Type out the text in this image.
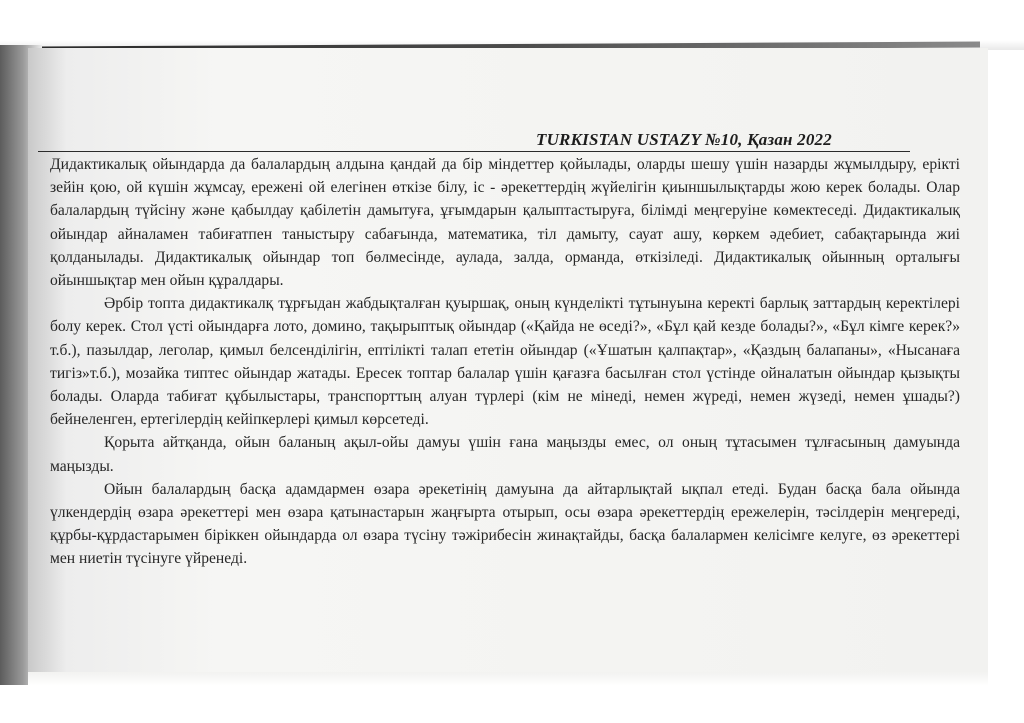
TURKISTAN USTAZY №10, Қазан 2022

Дидактикалық ойындарда да балалардың алдына қандай да бір міндеттер қойылады, оларды шешу үшін назарды жұмылдыру, ерікті зейін қою, ой күшін жұмсау, ережені ой елегінен өткізе білу, іс - әрекеттердің жүйелігін қиыншылықтарды жою керек болады. Олар балалардың түйсіну және қабылдау қабілетін дамытуға, ұғымдарын қалыптастыруға, білімді меңгеруіне көмектеседі. Дидактикалық ойындар айналамен табиғатпен таныстыру сабағында, математика, тіл дамыту, сауат ашу, көркем әдебиет, сабақтарында жиі қолданылады. Дидактикалық ойындар топ бөлмесінде, аулада, залда, орманда, өткізіледі. Дидактикалық ойынның орталығы ойыншықтар мен ойын құралдары.

Әрбір топта дидактикалқ тұрғыдан жабдықталған қуыршақ, оның күнделікті тұтынуына керекті барлық заттардың керектілері болу керек. Стол үсті ойындарға лото, домино, тақырыптық ойындар («Қайда не өседі?», «Бұл қай кезде болады?», «Бұл кімге керек?» т.б.), пазылдар, леголар, қимыл белсенділігін, ептілікті талап ететін ойындар («Ұшатын қалпақтар», «Қаздың балапаны», «Нысанаға тигіз»т.б.), мозайка типтес ойындар жатады. Ересек топтар балалар үшін қағазға басылған стол үстінде ойналатын ойындар қызықты болады. Оларда табиғат құбылыстары, транспорттың алуан түрлері (кім не мінеді, немен жүреді, немен жүзеді, немен ұшады?) бейнеленген, ертегілердің кейіпкерлері қимыл көрсетеді.

Қорыта айтқанда, ойын баланың ақыл-ойы дамуы үшін ғана маңызды емес, ол оның тұтасымен тұлғасының дамуында маңызды.

Ойын балалардың басқа адамдармен өзара әрекетінің дамуына да айтарлықтай ықпал етеді. Будан басқа бала ойында үлкендердің өзара әрекеттері мен өзара қатынастарын жаңғырта отырып, осы өзара әрекеттердің ережелерін, тәсілдерін меңгереді, құрбы-құрдастарымен біріккен ойындарда ол өзара түсіну тәжірибесін жинақтайды, басқа балалармен келісімге келуге, өз әрекеттері мен ниетін түсінуге үйренеді.
